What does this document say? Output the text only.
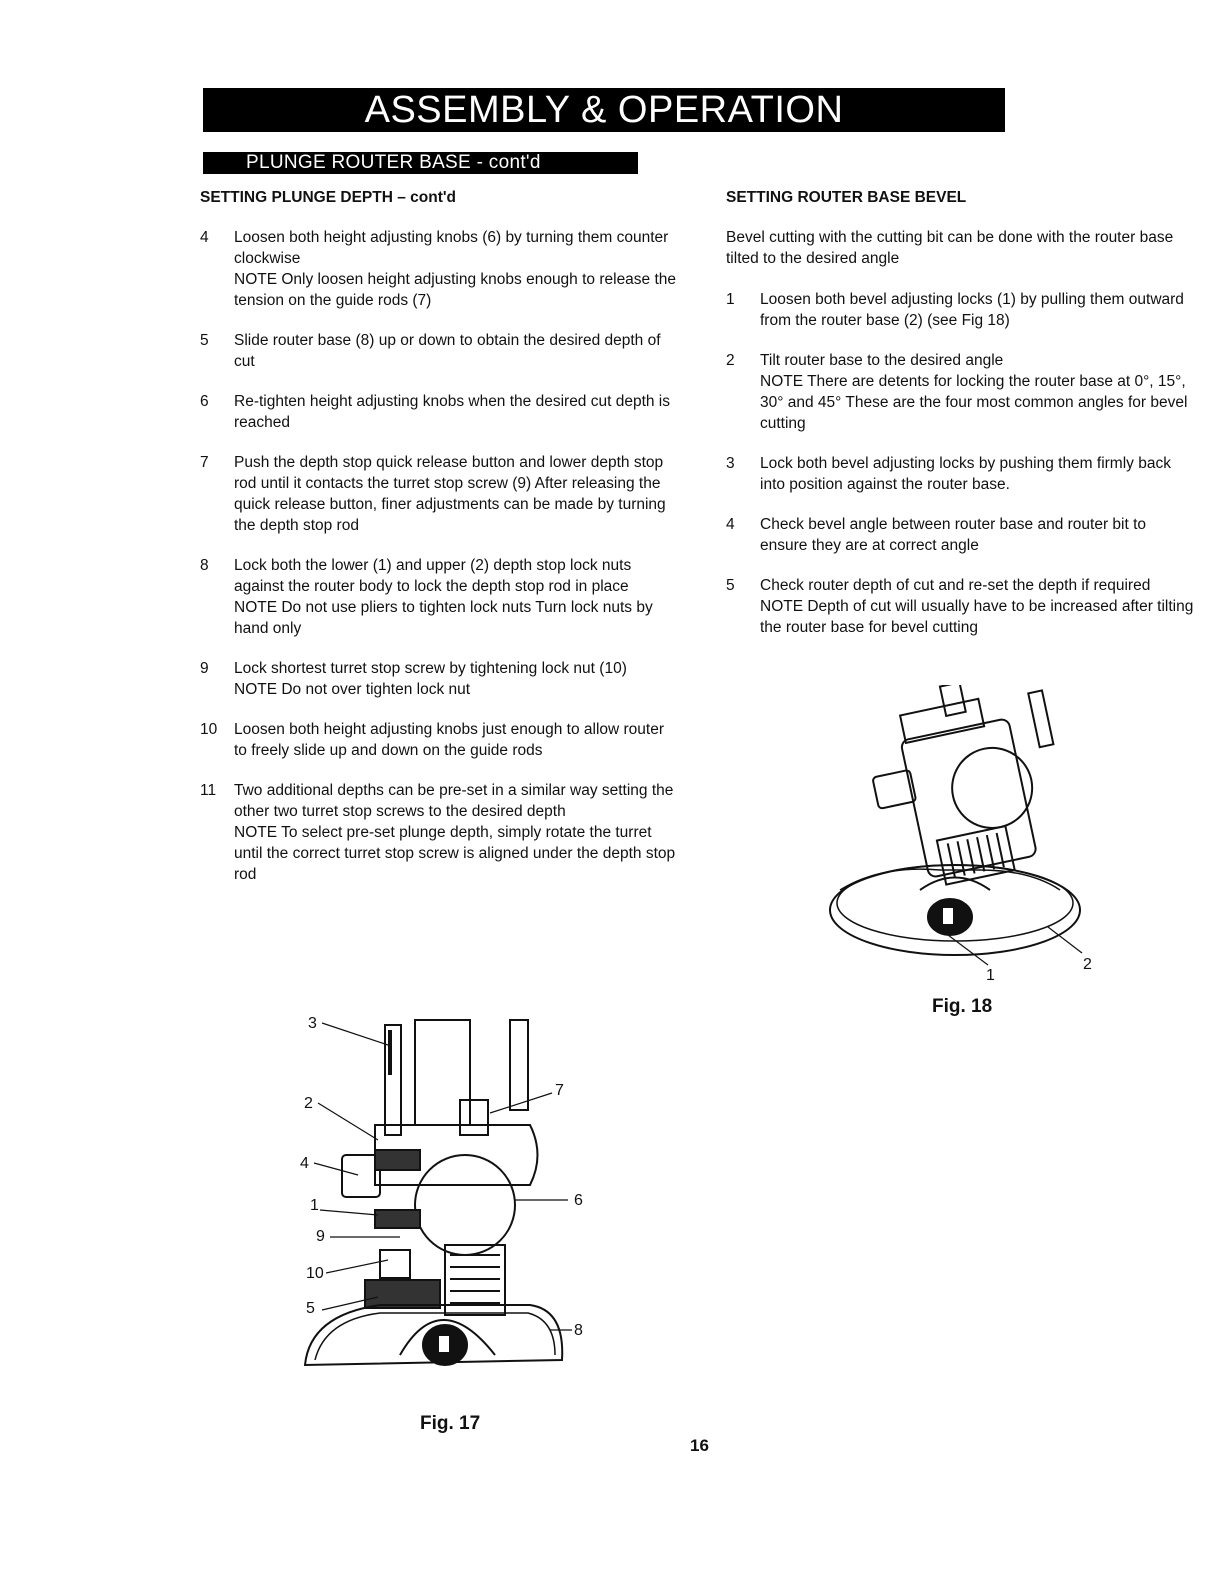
ASSEMBLY & OPERATION
PLUNGE ROUTER BASE - cont'd
SETTING PLUNGE DEPTH – cont'd
4	Loosen both height adjusting knobs (6) by turning them counter clockwise
NOTE Only loosen height adjusting knobs enough to release the tension on the guide rods (7)
5	Slide router base (8) up or down to obtain the desired depth of cut
6	Re-tighten height adjusting knobs when the desired cut depth is reached
7	Push the depth stop quick release button and lower depth stop rod until it contacts the turret stop screw (9) After releasing the quick release button, finer adjustments can be made by turning the depth stop rod
8	Lock both the lower (1) and upper (2) depth stop lock nuts against the router body to lock the depth stop rod in place
NOTE Do not use pliers to tighten lock nuts Turn lock nuts by hand only
9	Lock shortest turret stop screw by tightening lock nut (10)
NOTE Do not over tighten lock nut
10	Loosen both height adjusting knobs just enough to allow router to freely slide up and down on the guide rods
11	Two additional depths can be pre-set in a similar way setting the other two turret stop screws to the desired depth
NOTE To select pre-set plunge depth, simply rotate the turret until the correct turret stop screw is aligned under the depth stop rod
SETTING ROUTER BASE BEVEL
Bevel cutting with the cutting bit can be done with the router base tilted to the desired angle
1	Loosen both bevel adjusting locks (1) by pulling them outward from the router base (2) (see Fig 18)
2	Tilt router base to the desired angle
NOTE There are detents for locking the router base at 0°, 15°, 30° and 45° These are the four most common angles for bevel cutting
3	Lock both bevel adjusting locks by pushing them firmly back into position against the router base.
4	Check bevel angle between router base and router bit to ensure they are at correct angle
5	Check router depth of cut and re-set the depth if required
NOTE Depth of cut will usually have to be increased after tilting the router base for bevel cutting
1
2
Fig. 18
3
2
4
1
9
10
5
7
6
8
Fig. 17
16
